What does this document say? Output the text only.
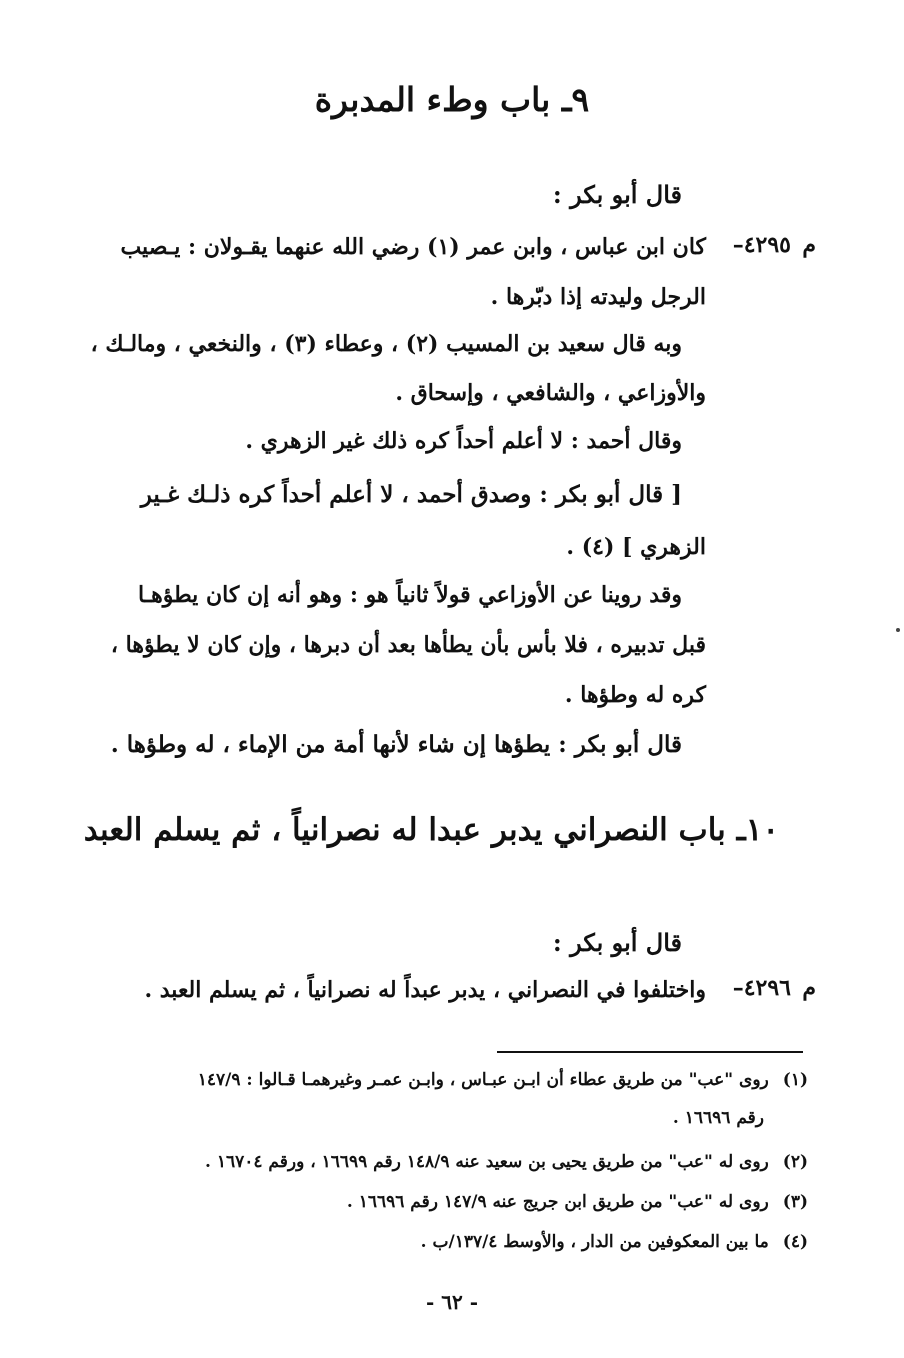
٩ـ باب وطء المدبرة
قال أبو بكر :
م
٤٢٩٥–
كان ابن عباس ، وابن عمر (١) رضي الله عنهما يقـولان : يـصيب
الرجل وليدته إذا دبّرها .
وبه قال سعيد بن المسيب (٢) ، وعطاء (٣) ، والنخعي ، ومالـك ،
والأوزاعي ، والشافعي ، وإسحاق .
وقال أحمد : لا أعلم أحداً كره ذلك غير الزهري .
[ قال أبو بكر : وصدق أحمد ، لا أعلم أحداً كره ذلـك غـير
الزهري ] (٤) .
وقد روينا عن الأوزاعي قولاً ثانياً هو : وهو أنه إن كان يطؤهـا
قبل تدبيره ، فلا بأس بأن يطأها بعد أن دبرها ، وإن كان لا يطؤها ،
كره له وطؤها .
قال أبو بكر : يطؤها إن شاء لأنها أمة من الإماء ، له وطؤها .
١٠ـ باب النصراني يدبر عبدا له نصرانياً ، ثم يسلم العبد
قال أبو بكر :
م
٤٢٩٦–
واختلفوا في النصراني ، يدبر عبداً له نصرانياً ، ثم يسلم العبد .
(١)روى "عب" من طريق عطاء أن ابـن عبـاس ، وابـن عمـر وغيرهمـا قـالوا : ١٤٧/٩
رقم ١٦٦٩٦ .
(٢)روى له "عب" من طريق يحيى بن سعيد عنه ١٤٨/٩ رقم ١٦٦٩٩ ، ورقم ١٦٧٠٤ .
(٣)روى له "عب" من طريق ابن جريج عنه ١٤٧/٩ رقم ١٦٦٩٦ .
(٤)ما بين المعكوفين من الدار ، والأوسط ١٣٧/٤/ب .
- ٦٢ -
